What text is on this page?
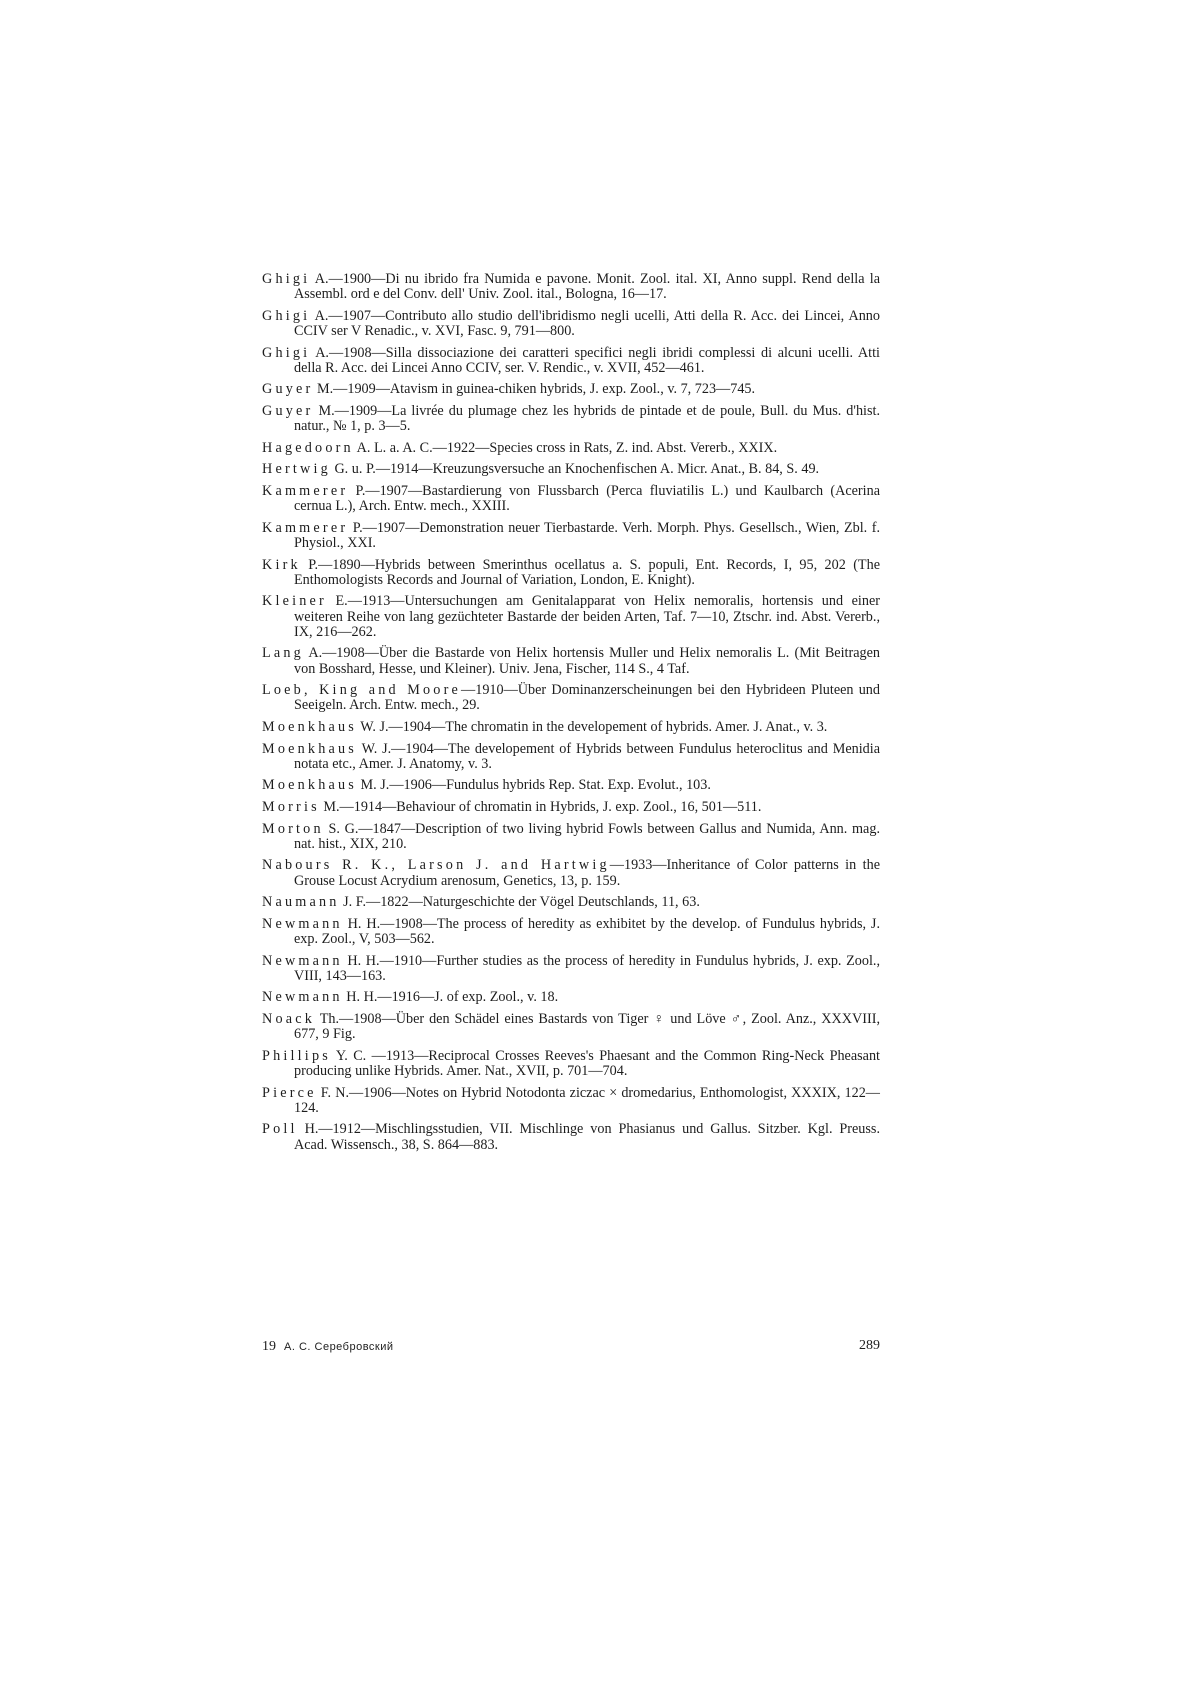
Ghigi A.—1900—Di nu ibrido fra Numida e pavone. Monit. Zool. ital. XI, Anno suppl. Rend della la Assembl. ord e del Conv. dell' Univ. Zool. ital., Bologna, 16—17.
Ghigi A.—1907—Contributo allo studio dell'ibridismo negli ucelli, Atti della R. Acc. dei Lincei, Anno CCIV ser V Renadic., v. XVI, Fasc. 9, 791—800.
Ghigi A.—1908—Silla dissociazione dei caratteri specifici negli ibridi complessi di alcuni ucelli. Atti della R. Acc. dei Lincei Anno CCIV, ser. V. Rendic., v. XVII, 452—461.
Guyer M.—1909—Atavism in guinea-chiken hybrids, J. exp. Zool., v. 7, 723—745.
Guyer M.—1909—La livrée du plumage chez les hybrids de pintade et de poule, Bull. du Mus. d'hist. natur., № 1, p. 3—5.
Hagedoorn A. L. a. A. C.—1922—Species cross in Rats, Z. ind. Abst. Vererb., XXIX.
Hertwig G. u. P.—1914—Kreuzungsversuche an Knochenfischen A. Micr. Anat., B. 84, S. 49.
Kammerer P.—1907—Bastardierung von Flussbarch (Perca fluviatilis L.) und Kaulbarch (Acerina cernua L.), Arch. Entw. mech., XXIII.
Kammerer P.—1907—Demonstration neuer Tierbastarde. Verh. Morph. Phys. Gesellsch., Wien, Zbl. f. Physiol., XXI.
Kirk P.—1890—Hybrids between Smerinthus ocellatus a. S. populi, Ent. Records, I, 95, 202 (The Enthomologists Records and Journal of Variation, London, E. Knight).
Kleiner E.—1913—Untersuchungen am Genitalapparat von Helix nemoralis, hortensis und einer weiteren Reihe von lang gezüchteter Bastarde der beiden Arten, Taf. 7—10, Ztschr. ind. Abst. Vererb., IX, 216—262.
Lang A.—1908—Über die Bastarde von Helix hortensis Muller und Helix nemoralis L. (Mit Beitragen von Bosshard, Hesse, und Kleiner). Univ. Jena, Fischer, 114 S., 4 Taf.
Loeb, King and Moore—1910—Über Dominanzerscheinungen bei den Hybrideen Pluteen und Seeigeln. Arch. Entw. mech., 29.
Moenkhaus W. J.—1904—The chromatin in the developement of hybrids. Amer. J. Anat., v. 3.
Moenkhaus W. J.—1904—The developement of Hybrids between Fundulus heteroclitus and Menidia notata etc., Amer. J. Anatomy, v. 3.
Moenkhaus M. J.—1906—Fundulus hybrids Rep. Stat. Exp. Evolut., 103.
Morris M.—1914—Behaviour of chromatin in Hybrids, J. exp. Zool., 16, 501—511.
Morton S. G.—1847—Description of two living hybrid Fowls between Gallus and Numida, Ann. mag. nat. hist., XIX, 210.
Nabours R. K., Larson J. and Hartwig—1933—Inheritance of Color patterns in the Grouse Locust Acrydium arenosum, Genetics, 13, p. 159.
Naumann J. F.—1822—Naturgeschichte der Vögel Deutschlands, 11, 63.
Newmann H. H.—1908—The process of heredity as exhibitet by the develop. of Fundulus hybrids, J. exp. Zool., V, 503—562.
Newmann H. H.—1910—Further studies as the process of heredity in Fundulus hybrids, J. exp. Zool., VIII, 143—163.
Newmann H. H.—1916—J. of exp. Zool., v. 18.
Noack Th.—1908—Über den Schädel eines Bastards von Tiger ♀ und Löve ♂, Zool. Anz., XXXVIII, 677, 9 Fig.
Phillips Y. C. —1913—Reciprocal Crosses Reeves's Phaesant and the Common Ring-Neck Pheasant producing unlike Hybrids. Amer. Nat., XVII, p. 701—704.
Pierce F. N.—1906—Notes on Hybrid Notodonta ziczac × dromedarius, Enthomologist, XXXIX, 122—124.
Poll H.—1912—Mischlingsstudien, VII. Mischlinge von Phasianus und Gallus. Sitzber. Kgl. Preuss. Acad. Wissensch., 38, S. 864—883.
19 А. С. Серебровский	289
